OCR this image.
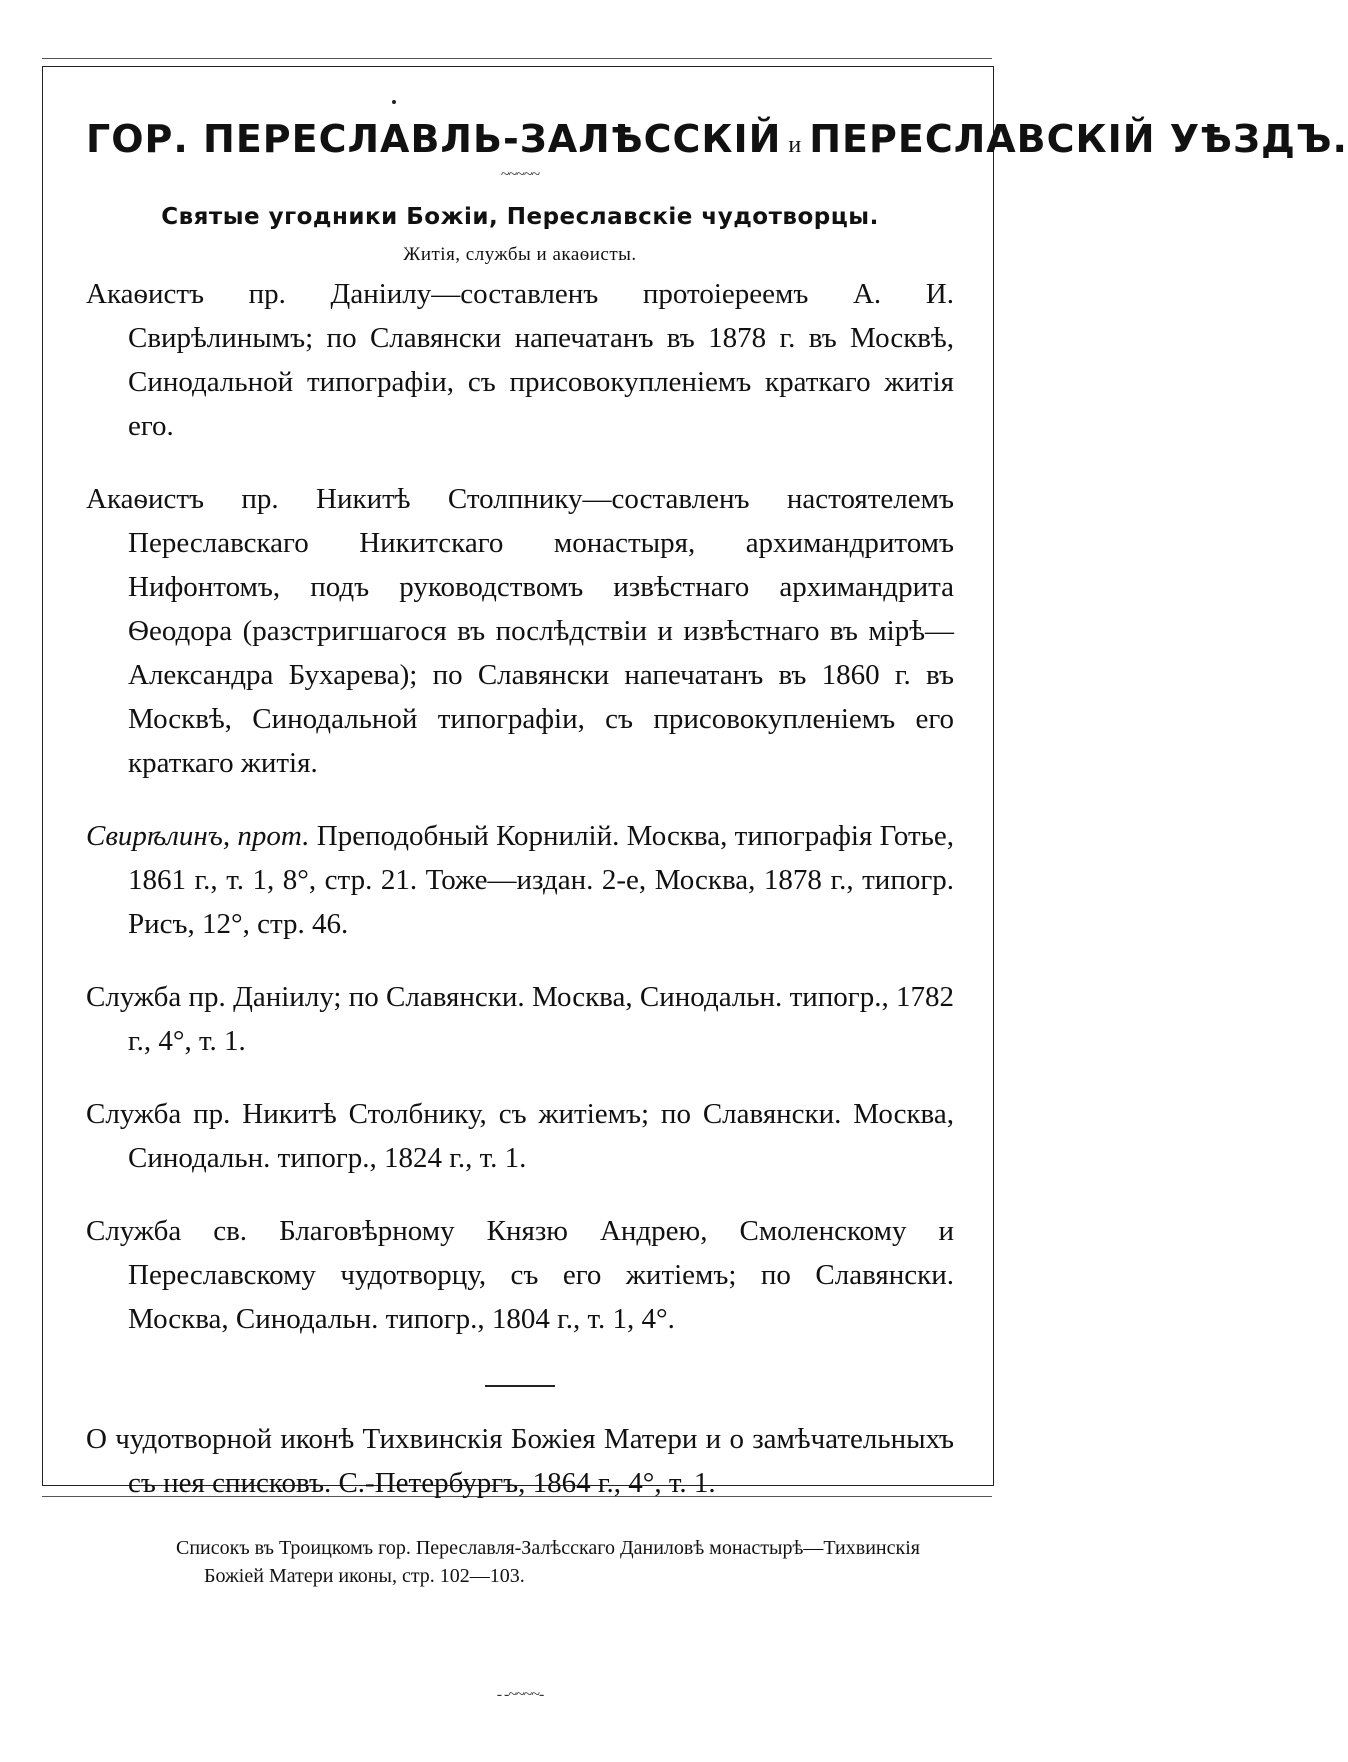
ГОР. ПЕРЕСЛАВЛЬ-ЗАЛѢССКІЙ и ПЕРЕСЛАВСКІЙ УѢЗДЪ.
~~~~~
Святые угодники Божіи, Переславскіе чудотворцы.
Житія, службы и акаѳисты.

Акаѳистъ пр. Даніилу—составленъ протоіереемъ А. И. Свирѣлинымъ; по Славянски напечатанъ въ 1878 г. въ Москвѣ, Синодальной типографіи, съ присовокупленіемъ краткаго житія его.

Акаѳистъ пр. Никитѣ Столпнику—составленъ настоятелемъ Переславскаго Никитскаго монастыря, архимандритомъ Нифонтомъ, подъ руководствомъ извѣстнаго архимандрита Ѳеодора (разстригшагося въ послѣдствіи и извѣстнаго въ мірѣ—Александра Бухарева); по Славянски напечатанъ въ 1860 г. въ Москвѣ, Синодальной типографіи, съ присовокупленіемъ его краткаго житія.

Свирѣлинъ, прот. Преподобный Корнилій. Москва, типографія Готье, 1861 г., т. 1, 8°, стр. 21. Тоже—издан. 2-е, Москва, 1878 г., типогр. Рисъ, 12°, стр. 46.

Служба пр. Даніилу; по Славянски. Москва, Синодальн. типогр., 1782 г., 4°, т. 1.

Служба пр. Никитѣ Столбнику, съ житіемъ; по Славянски. Москва, Синодальн. типогр., 1824 г., т. 1.

Служба св. Благовѣрному Князю Андрею, Смоленскому и Переславскому чудотворцу, съ его житіемъ; по Славянски. Москва, Синодальн. типогр., 1804 г., т. 1, 4°.

О чудотворной иконѣ Тихвинскія Божіея Матери и о замѣчательныхъ съ нея списковъ. С.-Петербургъ, 1864 г., 4°, т. 1.

Списокъ въ Троицкомъ гор. Переславля-Залѣсскаго Даниловѣ монастырѣ—Тихвинскія Божіей Матери иконы, стр. 102—103.

- -~~~~-
